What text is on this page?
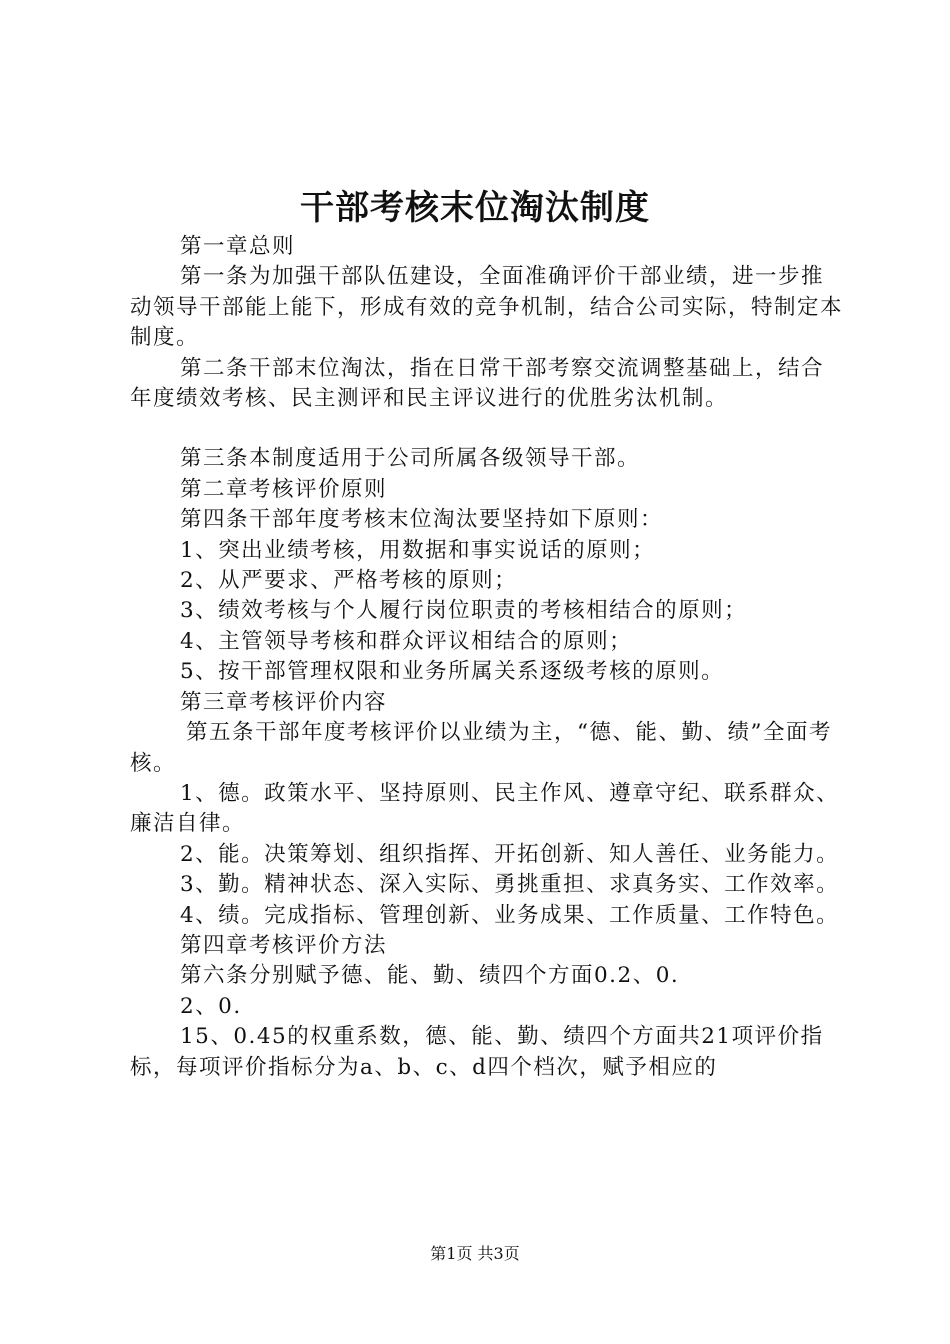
干部考核末位淘汰制度

第一章总则

第一条为加强干部队伍建设，全面准确评价干部业绩，进一步推动领导干部能上能下，形成有效的竞争机制，结合公司实际，特制定本制度。

第二条干部末位淘汰，指在日常干部考察交流调整基础上，结合年度绩效考核、民主测评和民主评议进行的优胜劣汰机制。

第三条本制度适用于公司所属各级领导干部。

第二章考核评价原则

第四条干部年度考核末位淘汰要坚持如下原则：

1、突出业绩考核，用数据和事实说话的原则；

2、从严要求、严格考核的原则；

3、绩效考核与个人履行岗位职责的考核相结合的原则；

4、主管领导考核和群众评议相结合的原则；

5、按干部管理权限和业务所属关系逐级考核的原则。

第三章考核评价内容

第五条干部年度考核评价以业绩为主，“德、能、勤、绩”全面考核。

1、德。政策水平、坚持原则、民主作风、遵章守纪、联系群众、廉洁自律。

2、能。决策筹划、组织指挥、开拓创新、知人善任、业务能力。

3、勤。精神状态、深入实际、勇挑重担、求真务实、工作效率。

4、绩。完成指标、管理创新、业务成果、工作质量、工作特色。

第四章考核评价方法

第六条分别赋予德、能、勤、绩四个方面0.2、0.

2、0.

15、0.45的权重系数，德、能、勤、绩四个方面共21项评价指标，每项评价指标分为a、b、c、d四个档次，赋予相应的

第1页 共3页
